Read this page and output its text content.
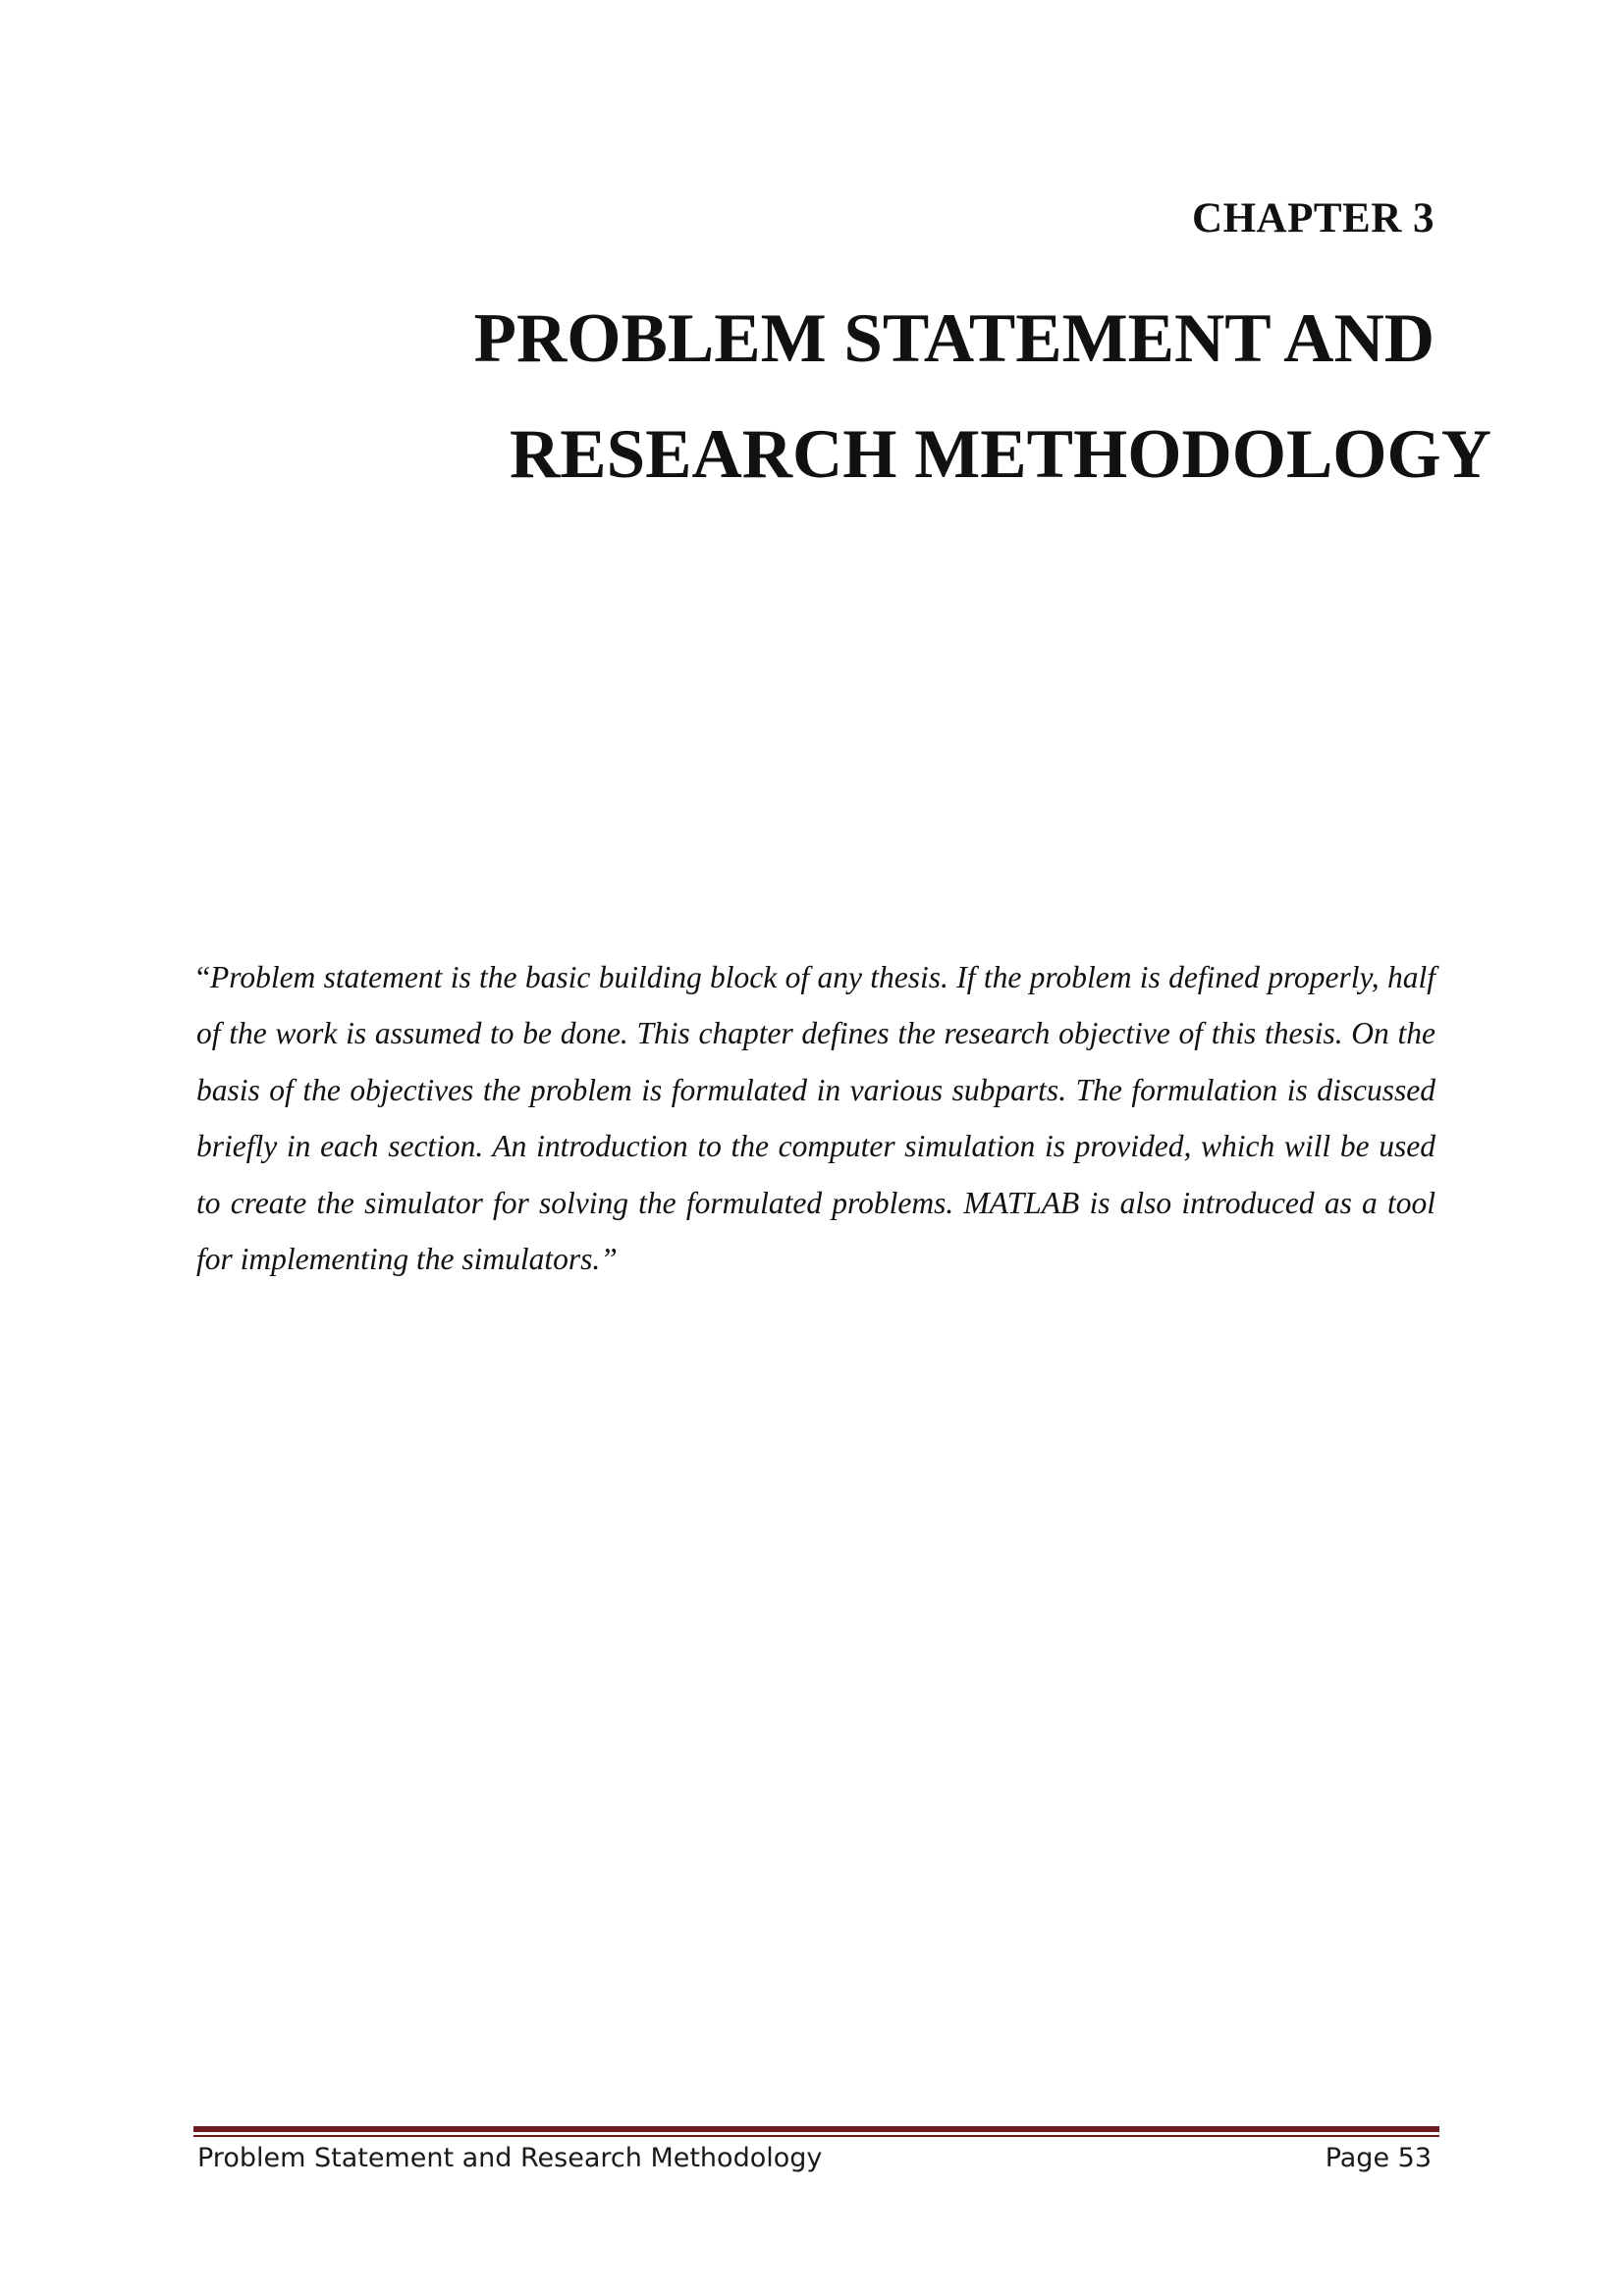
CHAPTER 3
PROBLEM STATEMENT AND
RESEARCH METHODOLOGY

“Problem statement is the basic building block of any thesis. If the problem is defined properly, half of the work is assumed to be done. This chapter defines the research objective of this thesis. On the basis of the objectives the problem is formulated in various subparts. The formulation is discussed briefly in each section. An introduction to the computer simulation is provided, which will be used to create the simulator for solving the formulated problems. MATLAB is also introduced as a tool for implementing the simulators.”

Problem Statement and Research Methodology	Page 53
